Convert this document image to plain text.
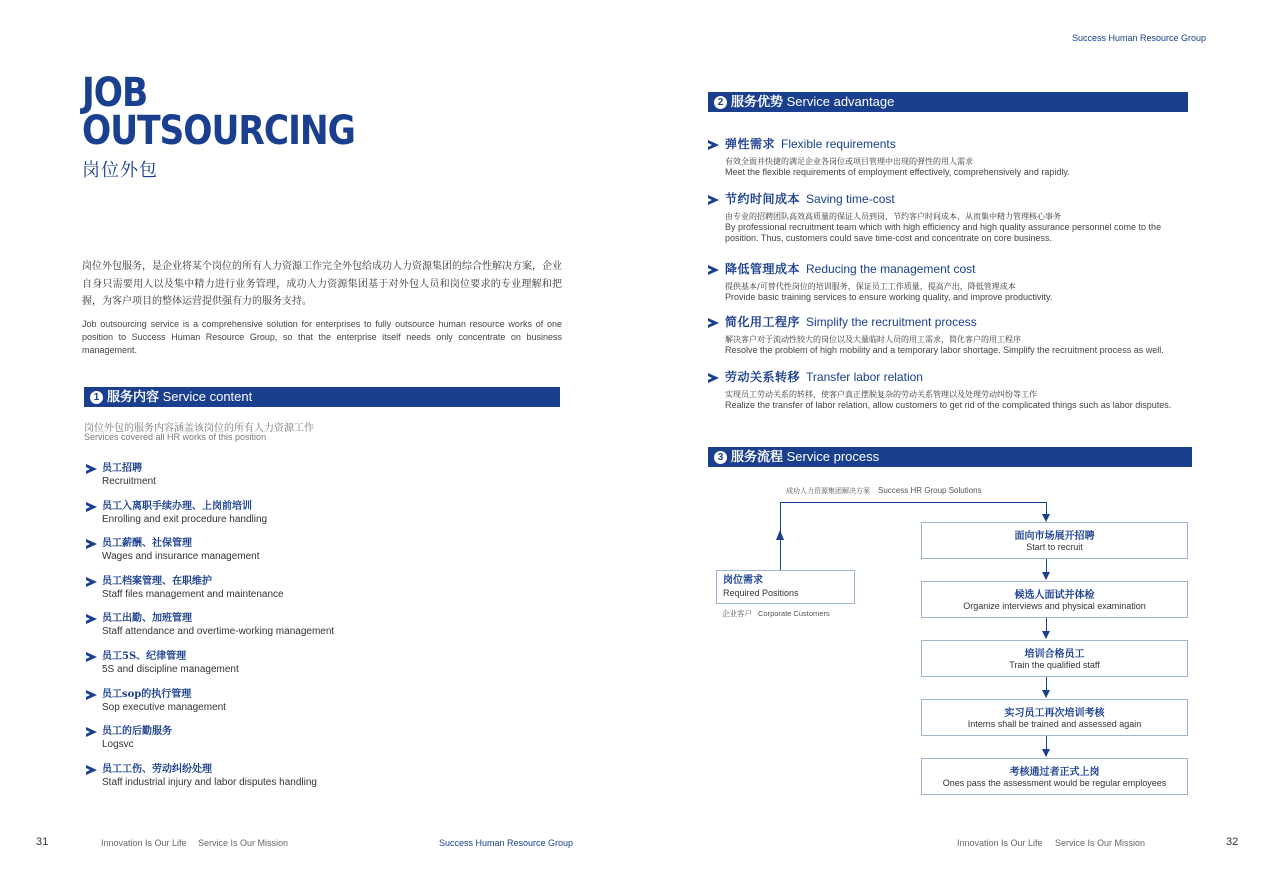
Success Human Resource Group
JOB
OUTSOURCING
岗位外包
岗位外包服务，是企业将某个岗位的所有人力资源工作完全外包给成功人力资源集团的综合性解决方案，企业自身只需要用人以及集中精力进行业务管理，成功人力资源集团基于对外包人员和岗位要求的专业理解和把握，为客户项目的整体运营提供强有力的服务支持。
Job outsourcing service is a comprehensive solution for enterprises to fully outsource human resource works of one position to Success Human Resource Group, so that the enterprise itself needs only concentrate on business management.
1 服务内容 Service content
岗位外包的服务内容涵盖该岗位的所有人力资源工作
Services covered all HR works of this position
员工招聘
Recruitment
员工入离职手续办理、上岗前培训
Enrolling and exit procedure handling
员工薪酬、社保管理
Wages and insurance management
员工档案管理、在职维护
Staff files management and maintenance
员工出勤、加班管理
Staff attendance and overtime-working management
员工5S、纪律管理
5S and discipline management
员工sop的执行管理
Sop executive management
员工的后勤服务
Logsvc
员工工伤、劳动纠纷处理
Staff industrial injury and labor disputes handling
2 服务优势 Service advantage
弹性需求 Flexible requirements
有效全面并快捷的满足企业各岗位或项目管理中出现的弹性的用人需求
Meet the flexible requirements of employment effectively, comprehensively and rapidly.
节约时间成本 Saving time-cost
由专业的招聘团队高效高质量的保证人员到岗，节约客户时间成本，从而集中精力管理核心事务
By professional recruitment team which with high efficiency and high quality assurance personnel come to the position. Thus, customers could save time-cost and concentrate on core business.
降低管理成本 Reducing the management cost
提供基本/可替代性岗位的培训服务，保证员工工作质量，提高产出，降低管理成本
Provide basic training services to ensure working quality, and improve productivity.
简化用工程序 Simplify the recruitment process
解决客户对于流动性较大的岗位以及大量临时人员的用工需求，简化客户的用工程序
Resolve the problem of high mobility and a temporary labor shortage. Simplify the recruitment process as well.
劳动关系转移 Transfer labor relation
实现员工劳动关系的转移，使客户真正摆脱复杂的劳动关系管理以及处理劳动纠纷等工作
Realize the transfer of labor relation, allow customers to get rid of the complicated things such as labor disputes.
3 服务流程 Service process
成功人力资源集团解决方案 Success HR Group Solutions
岗位需求
Required Positions
企业客户 Corporate Customers
面向市场展开招聘
Start to recruit
候选人面试并体检
Organize interviews and physical examination
培训合格员工
Train the qualified staff
实习员工再次培训考核
Interns shall be trained and assessed again
考核通过者正式上岗
Ones pass the assessment would be regular employees
31	Innovation Is Our Life Service Is Our Mission	Success Human Resource Group	Innovation Is Our Life Service Is Our Mission	32
